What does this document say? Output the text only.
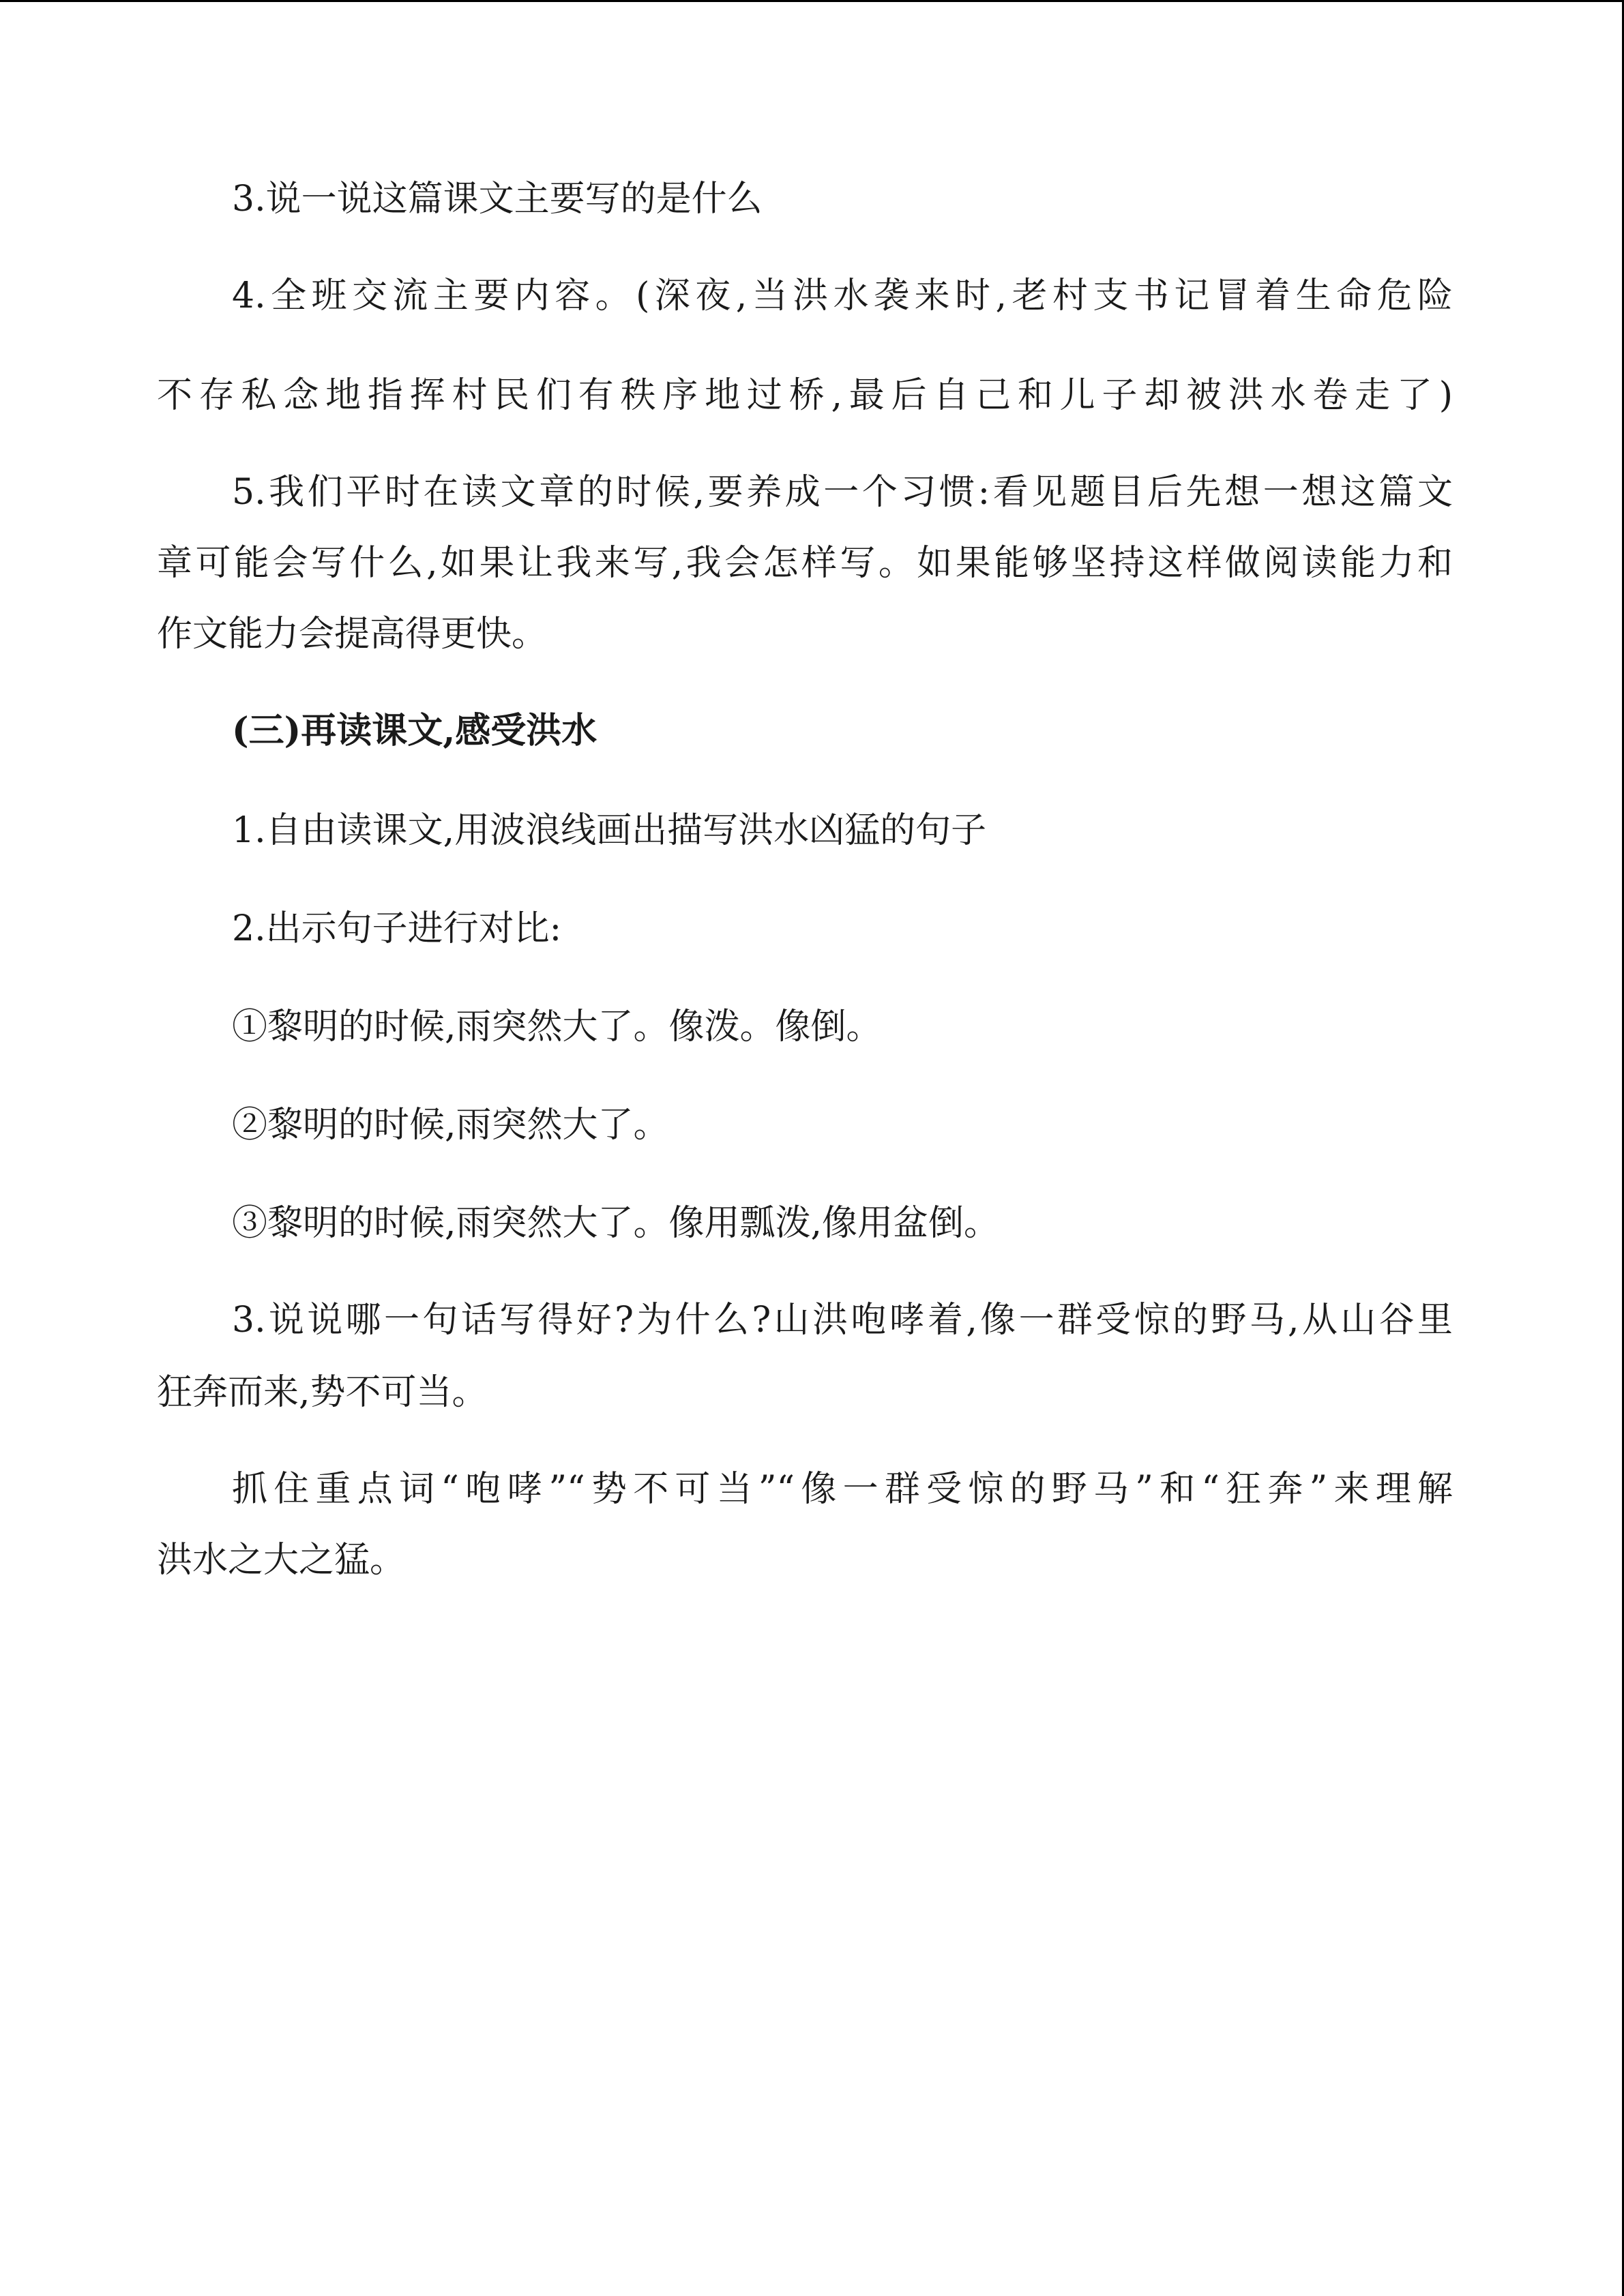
3.说一说这篇课文主要写的是什么
4.全班交流主要内容。(深夜,当洪水袭来时,老村支书记冒着生命危险
不存私念地指挥村民们有秩序地过桥,最后自己和儿子却被洪水卷走了)
5.我们平时在读文章的时候,要养成一个习惯:看见题目后先想一想这篇文
章可能会写什么,如果让我来写,我会怎样写。如果能够坚持这样做阅读能力和
作文能力会提高得更快。
(三)再读课文,感受洪水
1.自由读课文,用波浪线画出描写洪水凶猛的句子
2.出示句子进行对比:
①黎明的时候,雨突然大了。像泼。像倒。
②黎明的时候,雨突然大了。
③黎明的时候,雨突然大了。像用瓢泼,像用盆倒。
3.说说哪一句话写得好?为什么?山洪咆哮着,像一群受惊的野马,从山谷里
狂奔而来,势不可当。
抓住重点词“咆哮”“势不可当”“像一群受惊的野马”和“狂奔”来理解
洪水之大之猛。
